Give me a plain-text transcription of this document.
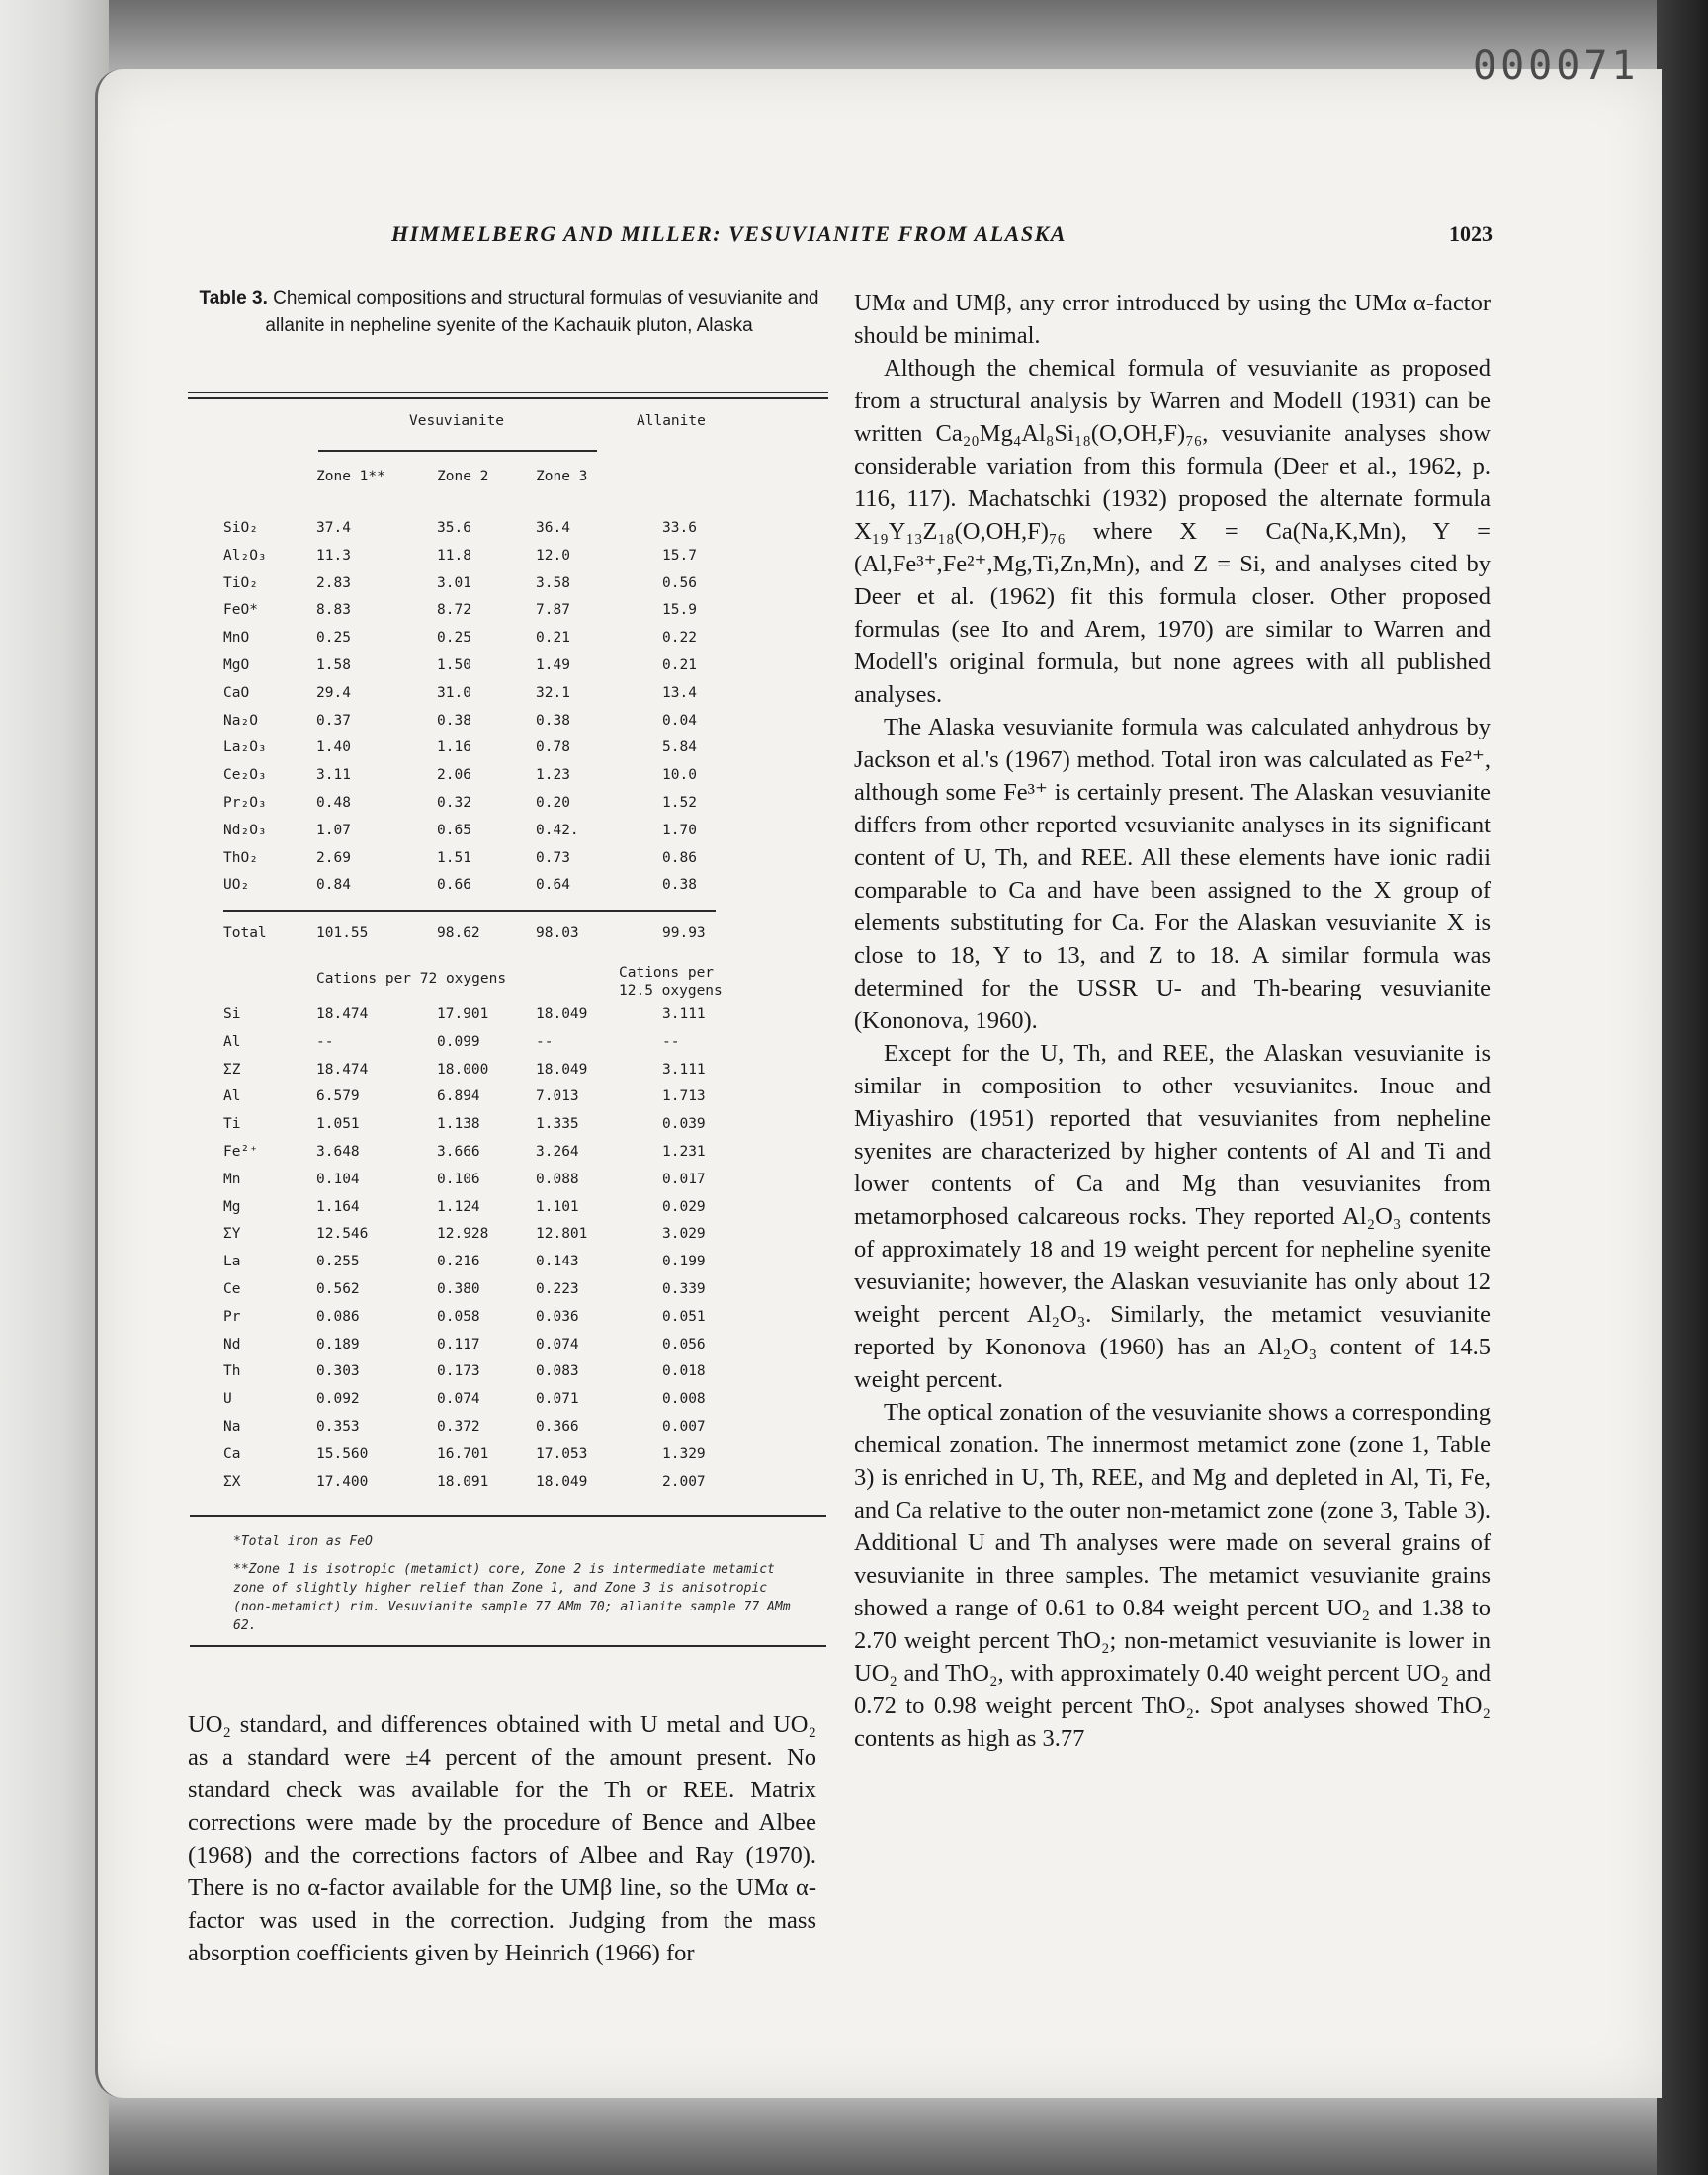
000071
HIMMELBERG AND MILLER: VESUVIANITE FROM ALASKA	1023
Table 3. Chemical compositions and structural formulas of vesuvianite and allanite in nepheline syenite of the Kachauik pluton, Alaska
Vesuvianite	Allanite
Zone 1**	Zone 2	Zone 3
SiO₂	37.4	35.6	36.4	33.6
Al₂O₃	11.3	11.8	12.0	15.7
TiO₂	2.83	3.01	3.58	0.56
FeO*	8.83	8.72	7.87	15.9
MnO	0.25	0.25	0.21	0.22
MgO	1.58	1.50	1.49	0.21
CaO	29.4	31.0	32.1	13.4
Na₂O	0.37	0.38	0.38	0.04
La₂O₃	1.40	1.16	0.78	5.84
Ce₂O₃	3.11	2.06	1.23	10.0
Pr₂O₃	0.48	0.32	0.20	1.52
Nd₂O₃	1.07	0.65	0.42.	1.70
ThO₂	2.69	1.51	0.73	0.86
UO₂	0.84	0.66	0.64	0.38
Total	101.55	98.62	98.03	99.93
Cations per 72 oxygens	Cations per
12.5 oxygens
Si	18.474	17.901	18.049	3.111
Al	--	0.099	--	--
ΣZ	18.474	18.000	18.049	3.111
Al	6.579	6.894	7.013	1.713
Ti	1.051	1.138	1.335	0.039
Fe²⁺	3.648	3.666	3.264	1.231
Mn	0.104	0.106	0.088	0.017
Mg	1.164	1.124	1.101	0.029
ΣY	12.546	12.928	12.801	3.029
La	0.255	0.216	0.143	0.199
Ce	0.562	0.380	0.223	0.339
Pr	0.086	0.058	0.036	0.051
Nd	0.189	0.117	0.074	0.056
Th	0.303	0.173	0.083	0.018
U	0.092	0.074	0.071	0.008
Na	0.353	0.372	0.366	0.007
Ca	15.560	16.701	17.053	1.329
ΣX	17.400	18.091	18.049	2.007
*Total iron as FeO
**Zone 1 is isotropic (metamict) core, Zone 2 is intermediate metamict zone of slightly higher relief than Zone 1, and Zone 3 is anisotropic (non-metamict) rim. Vesuvianite sample 77 AMm 70; allanite sample 77 AMm 62.

UO₂ standard, and differences obtained with U metal and UO₂ as a standard were ±4 percent of the amount present. No standard check was available for the Th or REE. Matrix corrections were made by the procedure of Bence and Albee (1968) and the corrections factors of Albee and Ray (1970). There is no α-factor available for the UMβ line, so the UMα α-factor was used in the correction. Judging from the mass absorption coefficients given by Heinrich (1966) for

UMα and UMβ, any error introduced by using the UMα α-factor should be minimal.

Although the chemical formula of vesuvianite as proposed from a structural analysis by Warren and Modell (1931) can be written Ca₂₀Mg₄Al₈Si₁₈(O,OH,F)₇₆, vesuvianite analyses show considerable variation from this formula (Deer et al., 1962, p. 116, 117). Machatschki (1932) proposed the alternate formula X₁₉Y₁₃Z₁₈(O,OH,F)₇₆ where X = Ca(Na,K,Mn), Y = (Al,Fe³⁺,Fe²⁺,Mg,Ti,Zn,Mn), and Z = Si, and analyses cited by Deer et al. (1962) fit this formula closer. Other proposed formulas (see Ito and Arem, 1970) are similar to Warren and Modell's original formula, but none agrees with all published analyses.

The Alaska vesuvianite formula was calculated anhydrous by Jackson et al.'s (1967) method. Total iron was calculated as Fe²⁺, although some Fe³⁺ is certainly present. The Alaskan vesuvianite differs from other reported vesuvianite analyses in its significant content of U, Th, and REE. All these elements have ionic radii comparable to Ca and have been assigned to the X group of elements substituting for Ca. For the Alaskan vesuvianite X is close to 18, Y to 13, and Z to 18. A similar formula was determined for the USSR U- and Th-bearing vesuvianite (Kononova, 1960).

Except for the U, Th, and REE, the Alaskan vesuvianite is similar in composition to other vesuvianites. Inoue and Miyashiro (1951) reported that vesuvianites from nepheline syenites are characterized by higher contents of Al and Ti and lower contents of Ca and Mg than vesuvianites from metamorphosed calcareous rocks. They reported Al₂O₃ contents of approximately 18 and 19 weight percent for nepheline syenite vesuvianite; however, the Alaskan vesuvianite has only about 12 weight percent Al₂O₃. Similarly, the metamict vesuvianite reported by Kononova (1960) has an Al₂O₃ content of 14.5 weight percent.

The optical zonation of the vesuvianite shows a corresponding chemical zonation. The innermost metamict zone (zone 1, Table 3) is enriched in U, Th, REE, and Mg and depleted in Al, Ti, Fe, and Ca relative to the outer non-metamict zone (zone 3, Table 3). Additional U and Th analyses were made on several grains of vesuvianite in three samples. The metamict vesuvianite grains showed a range of 0.61 to 0.84 weight percent UO₂ and 1.38 to 2.70 weight percent ThO₂; non-metamict vesuvianite is lower in UO₂ and ThO₂, with approximately 0.40 weight percent UO₂ and 0.72 to 0.98 weight percent ThO₂. Spot analyses showed ThO₂ contents as high as 3.77
